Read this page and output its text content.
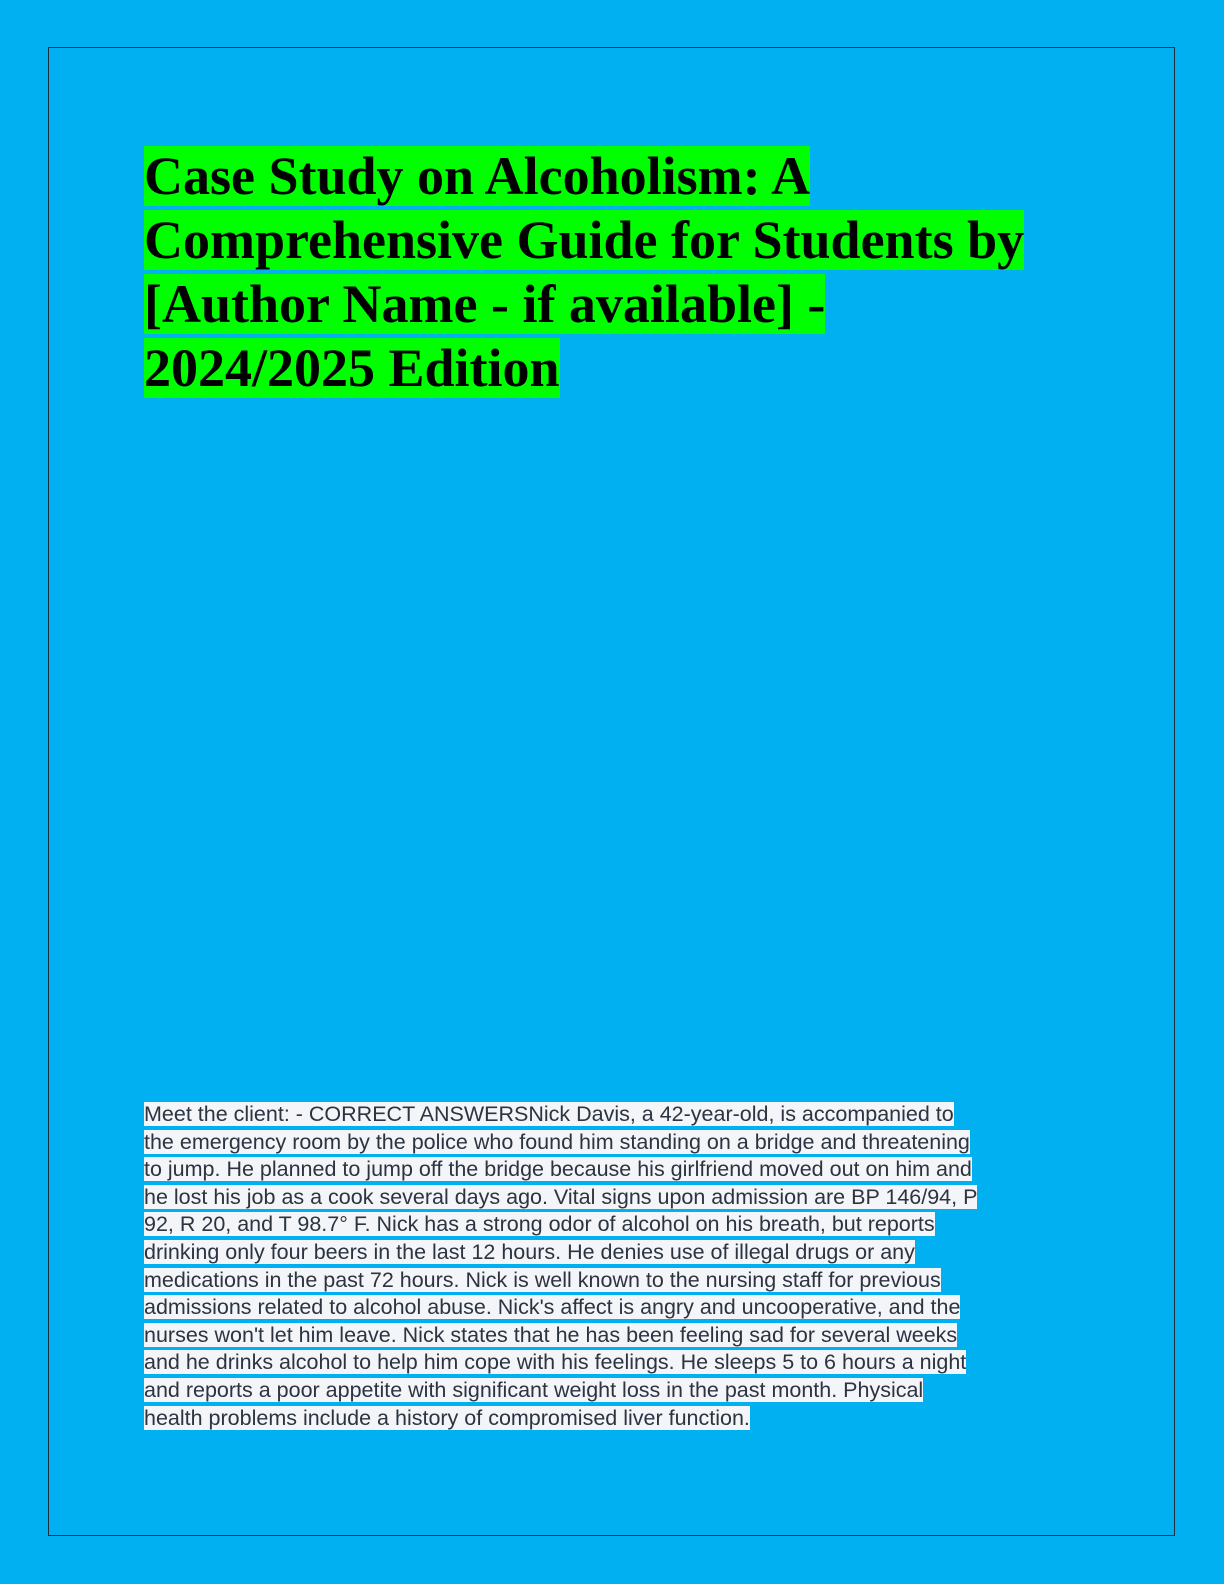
Case Study on Alcoholism: A
Comprehensive Guide for Students by
[Author Name - if available] -
2024/2025 Edition
Meet the client: - CORRECT ANSWERSNick Davis, a 42-year-old, is accompanied to
the emergency room by the police who found him standing on a bridge and threatening
to jump. He planned to jump off the bridge because his girlfriend moved out on him and
he lost his job as a cook several days ago. Vital signs upon admission are BP 146/94, P
92, R 20, and T 98.7° F. Nick has a strong odor of alcohol on his breath, but reports
drinking only four beers in the last 12 hours. He denies use of illegal drugs or any
medications in the past 72 hours. Nick is well known to the nursing staff for previous
admissions related to alcohol abuse. Nick's affect is angry and uncooperative, and the
nurses won't let him leave. Nick states that he has been feeling sad for several weeks
and he drinks alcohol to help him cope with his feelings. He sleeps 5 to 6 hours a night
and reports a poor appetite with significant weight loss in the past month. Physical
health problems include a history of compromised liver function.
